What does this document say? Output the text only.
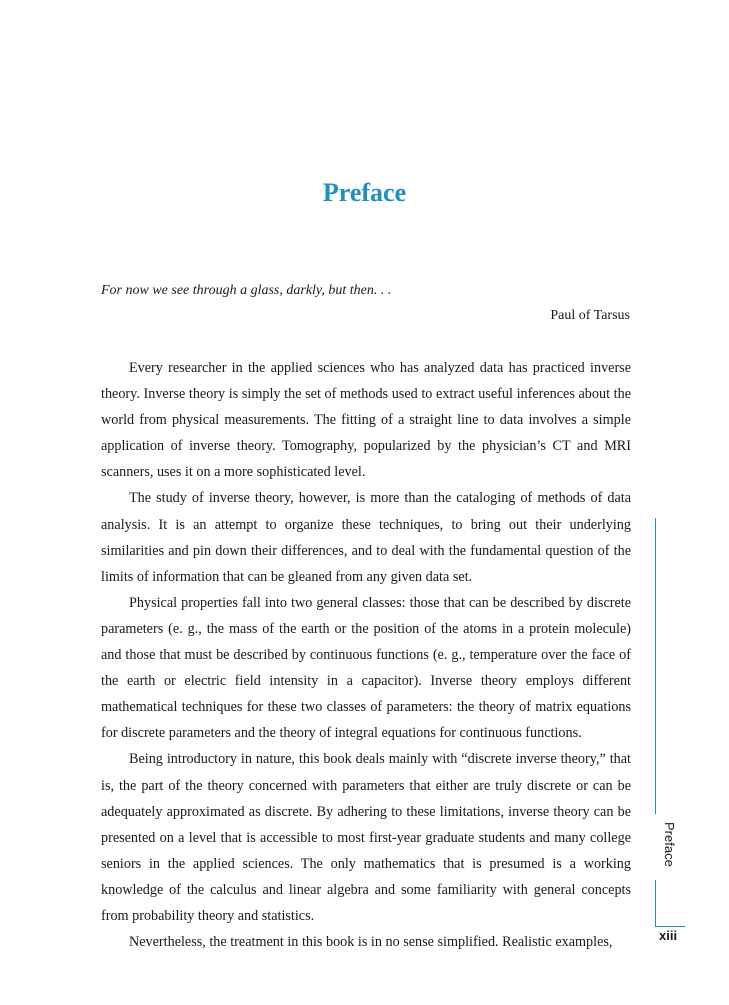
Preface

For now we see through a glass, darkly, but then. . .

Paul of Tarsus

Every researcher in the applied sciences who has analyzed data has practiced inverse theory. Inverse theory is simply the set of methods used to extract useful inferences about the world from physical measurements. The fitting of a straight line to data involves a simple application of inverse theory. Tomography, popularized by the physician’s CT and MRI scanners, uses it on a more sophisticated level.

The study of inverse theory, however, is more than the cataloging of methods of data analysis. It is an attempt to organize these techniques, to bring out their underlying similarities and pin down their differences, and to deal with the fundamental question of the limits of information that can be gleaned from any given data set.

Physical properties fall into two general classes: those that can be described by discrete parameters (e. g., the mass of the earth or the position of the atoms in a protein molecule) and those that must be described by continuous functions (e. g., temperature over the face of the earth or electric field intensity in a capacitor). Inverse theory employs different mathematical techniques for these two classes of parameters: the theory of matrix equations for discrete parameters and the theory of integral equations for continuous functions.

Being introductory in nature, this book deals mainly with “discrete inverse theory,” that is, the part of the theory concerned with parameters that either are truly discrete or can be adequately approximated as discrete. By adhering to these limitations, inverse theory can be presented on a level that is accessible to most first-year graduate students and many college seniors in the applied sciences. The only mathematics that is presumed is a working knowledge of the calculus and linear algebra and some familiarity with general concepts from probability theory and statistics.

Nevertheless, the treatment in this book is in no sense simplified. Realistic examples,

Preface
xiii
